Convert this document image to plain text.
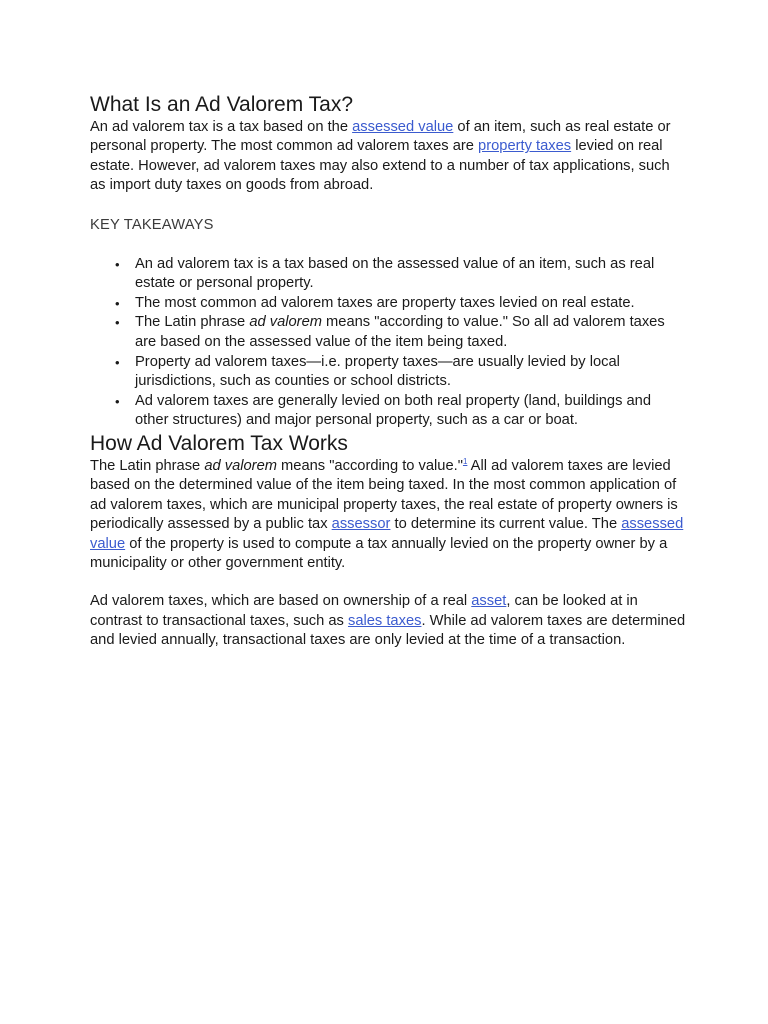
What Is an Ad Valorem Tax?

An ad valorem tax is a tax based on the assessed value of an item, such as real estate or personal property. The most common ad valorem taxes are property taxes levied on real estate. However, ad valorem taxes may also extend to a number of tax applications, such as import duty taxes on goods from abroad.

KEY TAKEAWAYS
• An ad valorem tax is a tax based on the assessed value of an item, such as real estate or personal property.
• The most common ad valorem taxes are property taxes levied on real estate.
• The Latin phrase ad valorem means "according to value." So all ad valorem taxes are based on the assessed value of the item being taxed.
• Property ad valorem taxes—i.e. property taxes—are usually levied by local jurisdictions, such as counties or school districts.
• Ad valorem taxes are generally levied on both real property (land, buildings and other structures) and major personal property, such as a car or boat.
How Ad Valorem Tax Works

The Latin phrase ad valorem means "according to value."$^1$ All ad valorem taxes are levied based on the determined value of the item being taxed. In the most common application of ad valorem taxes, which are municipal property taxes, the real estate of property owners is periodically assessed by a public tax assessor to determine its current value. The assessed value of the property is used to compute a tax annually levied on the property owner by a municipality or other government entity.

Ad valorem taxes, which are based on ownership of a real asset, can be looked at in contrast to transactional taxes, such as sales taxes. While ad valorem taxes are determined and levied annually, transactional taxes are only levied at the time of a transaction.
